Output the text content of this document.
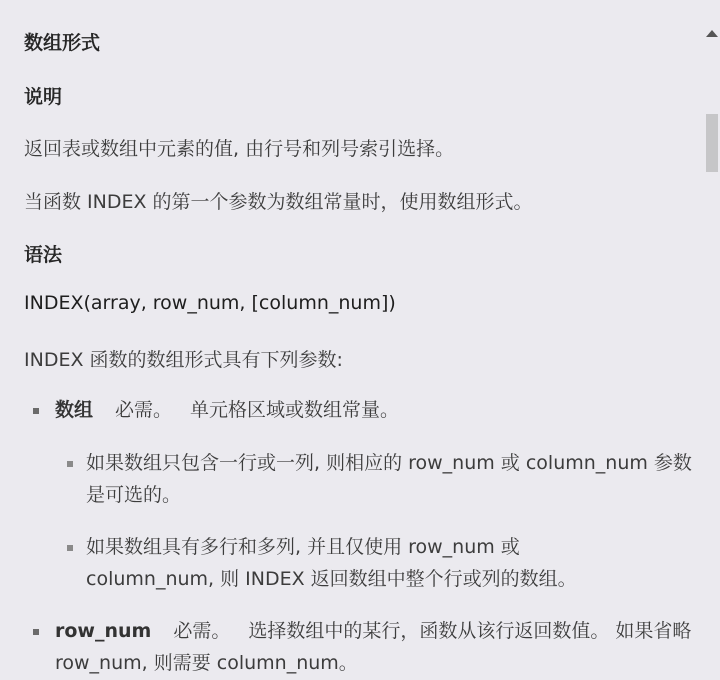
数组形式
说明
返回表或数组中元素的值, 由行号和列号索引选择。
当函数 INDEX 的第一个参数为数组常量时，使用数组形式。
语法
INDEX(array, row_num, [column_num])
INDEX 函数的数组形式具有下列参数:
数组 必需。 单元格区域或数组常量。
如果数组只包含一行或一列, 则相应的 row_num 或 column_num 参数是可选的。
如果数组具有多行和多列, 并且仅使用 row_num 或 column_num, 则 INDEX 返回数组中整个行或列的数组。
row_num 必需。 选择数组中的某行，函数从该行返回数值。 如果省略 row_num, 则需要 column_num。
